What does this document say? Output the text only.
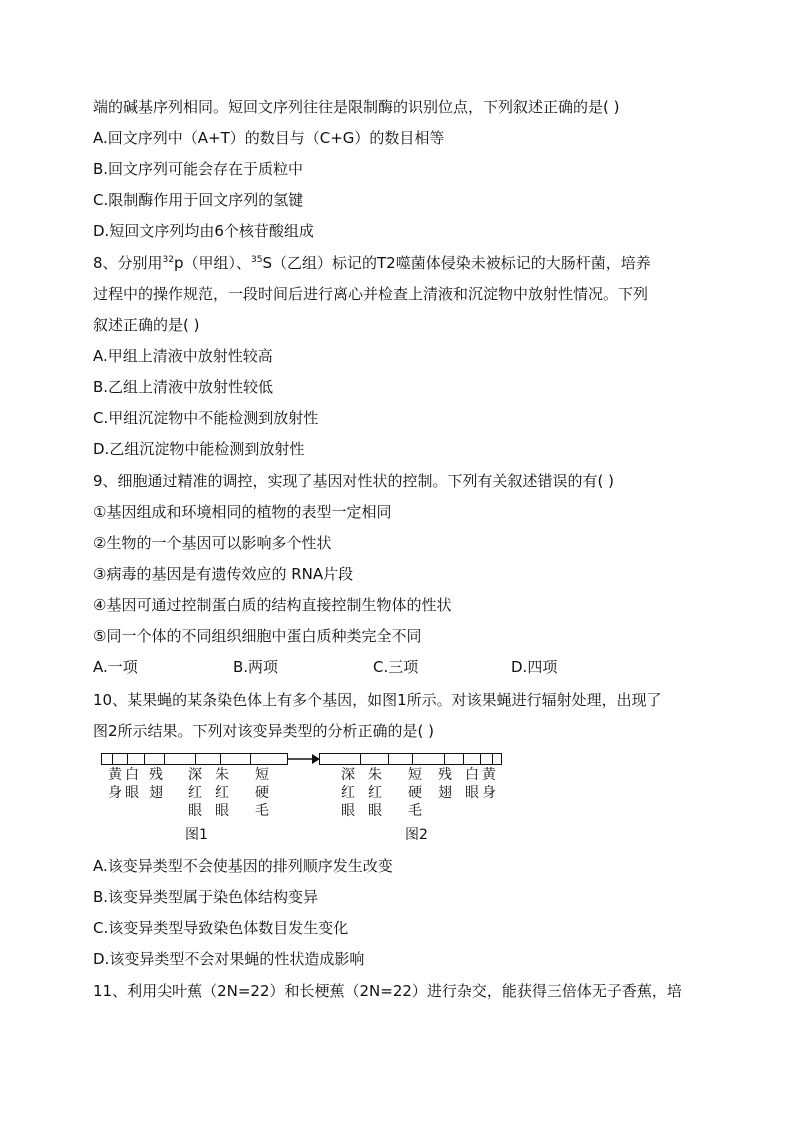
端的碱基序列相同。短回文序列往往是限制酶的识别位点，下列叙述正确的是( )
A.回文序列中（A+T）的数目与（C+G）的数目相等
B.回文序列可能会存在于质粒中
C.限制酶作用于回文序列的氢键
D.短回文序列均由6个核苷酸组成
8、分别用$^{32}$p（甲组）、$^{35}$S（乙组）标记的T2噬菌体侵染未被标记的大肠杆菌，培养
过程中的操作规范，一段时间后进行离心并检查上清液和沉淀物中放射性情况。下列
叙述正确的是( )
A.甲组上清液中放射性较高
B.乙组上清液中放射性较低
C.甲组沉淀物中不能检测到放射性
D.乙组沉淀物中能检测到放射性
9、细胞通过精准的调控，实现了基因对性状的控制。下列有关叙述错误的有( )
①基因组成和环境相同的植物的表型一定相同
②生物的一个基因可以影响多个性状
③病毒的基因是有遗传效应的 RNA片段
④基因可通过控制蛋白质的结构直接控制生物体的性状
⑤同一个体的不同组织细胞中蛋白质种类完全不同
A.一项	B.两项	C.三项	D.四项
10、某果蝇的某条染色体上有多个基因，如图1所示。对该果蝇进行辐射处理，出现了
图2所示结果。下列对该变异类型的分析正确的是( )
黄
身
白
眼
残
翅
深
红
眼
朱
红
眼
短
硬
毛
深
红
眼
朱
红
眼
短
硬
毛
残
翅
白
眼
黄
身
图1	图2
A.该变异类型不会使基因的排列顺序发生改变
B.该变异类型属于染色体结构变异
C.该变异类型导致染色体数目发生变化
D.该变异类型不会对果蝇的性状造成影响
11、利用尖叶蕉（2N=22）和长梗蕉（2N=22）进行杂交，能获得三倍体无子香蕉，培
